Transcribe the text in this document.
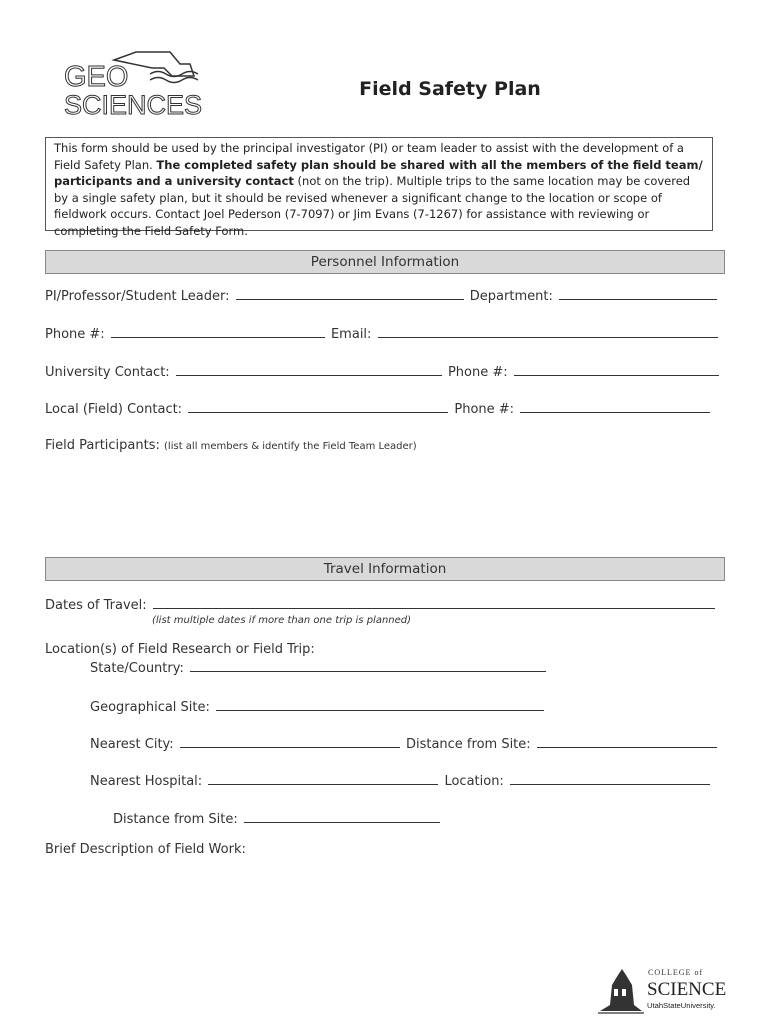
GEO
SCIENCES
Field Safety Plan
This form should be used by the principal investigator (PI) or team leader to assist with the development of a Field Safety Plan. The completed safety plan should be shared with all the members of the field team/ participants and a university contact (not on the trip). Multiple trips to the same location may be covered by a single safety plan, but it should be revised whenever a significant change to the location or scope of fieldwork occurs. Contact Joel Pederson (7-7097) or Jim Evans (7-1267) for assistance with reviewing or completing the Field Safety Form.
Personnel Information
PI/Professor/Student Leader:	Department:
Phone #:	Email:
University Contact:	Phone #:
Local (Field) Contact:	Phone #:
Field Participants: (list all members & identify the Field Team Leader)
Travel Information
Dates of Travel:
(list multiple dates if more than one trip is planned)
Location(s) of Field Research or Field Trip:
State/Country:
Geographical Site:
Nearest City:	Distance from Site:
Nearest Hospital:	Location:
Distance from Site:
Brief Description of Field Work:
COLLEGE of
SCIENCE
UtahStateUniversity.
